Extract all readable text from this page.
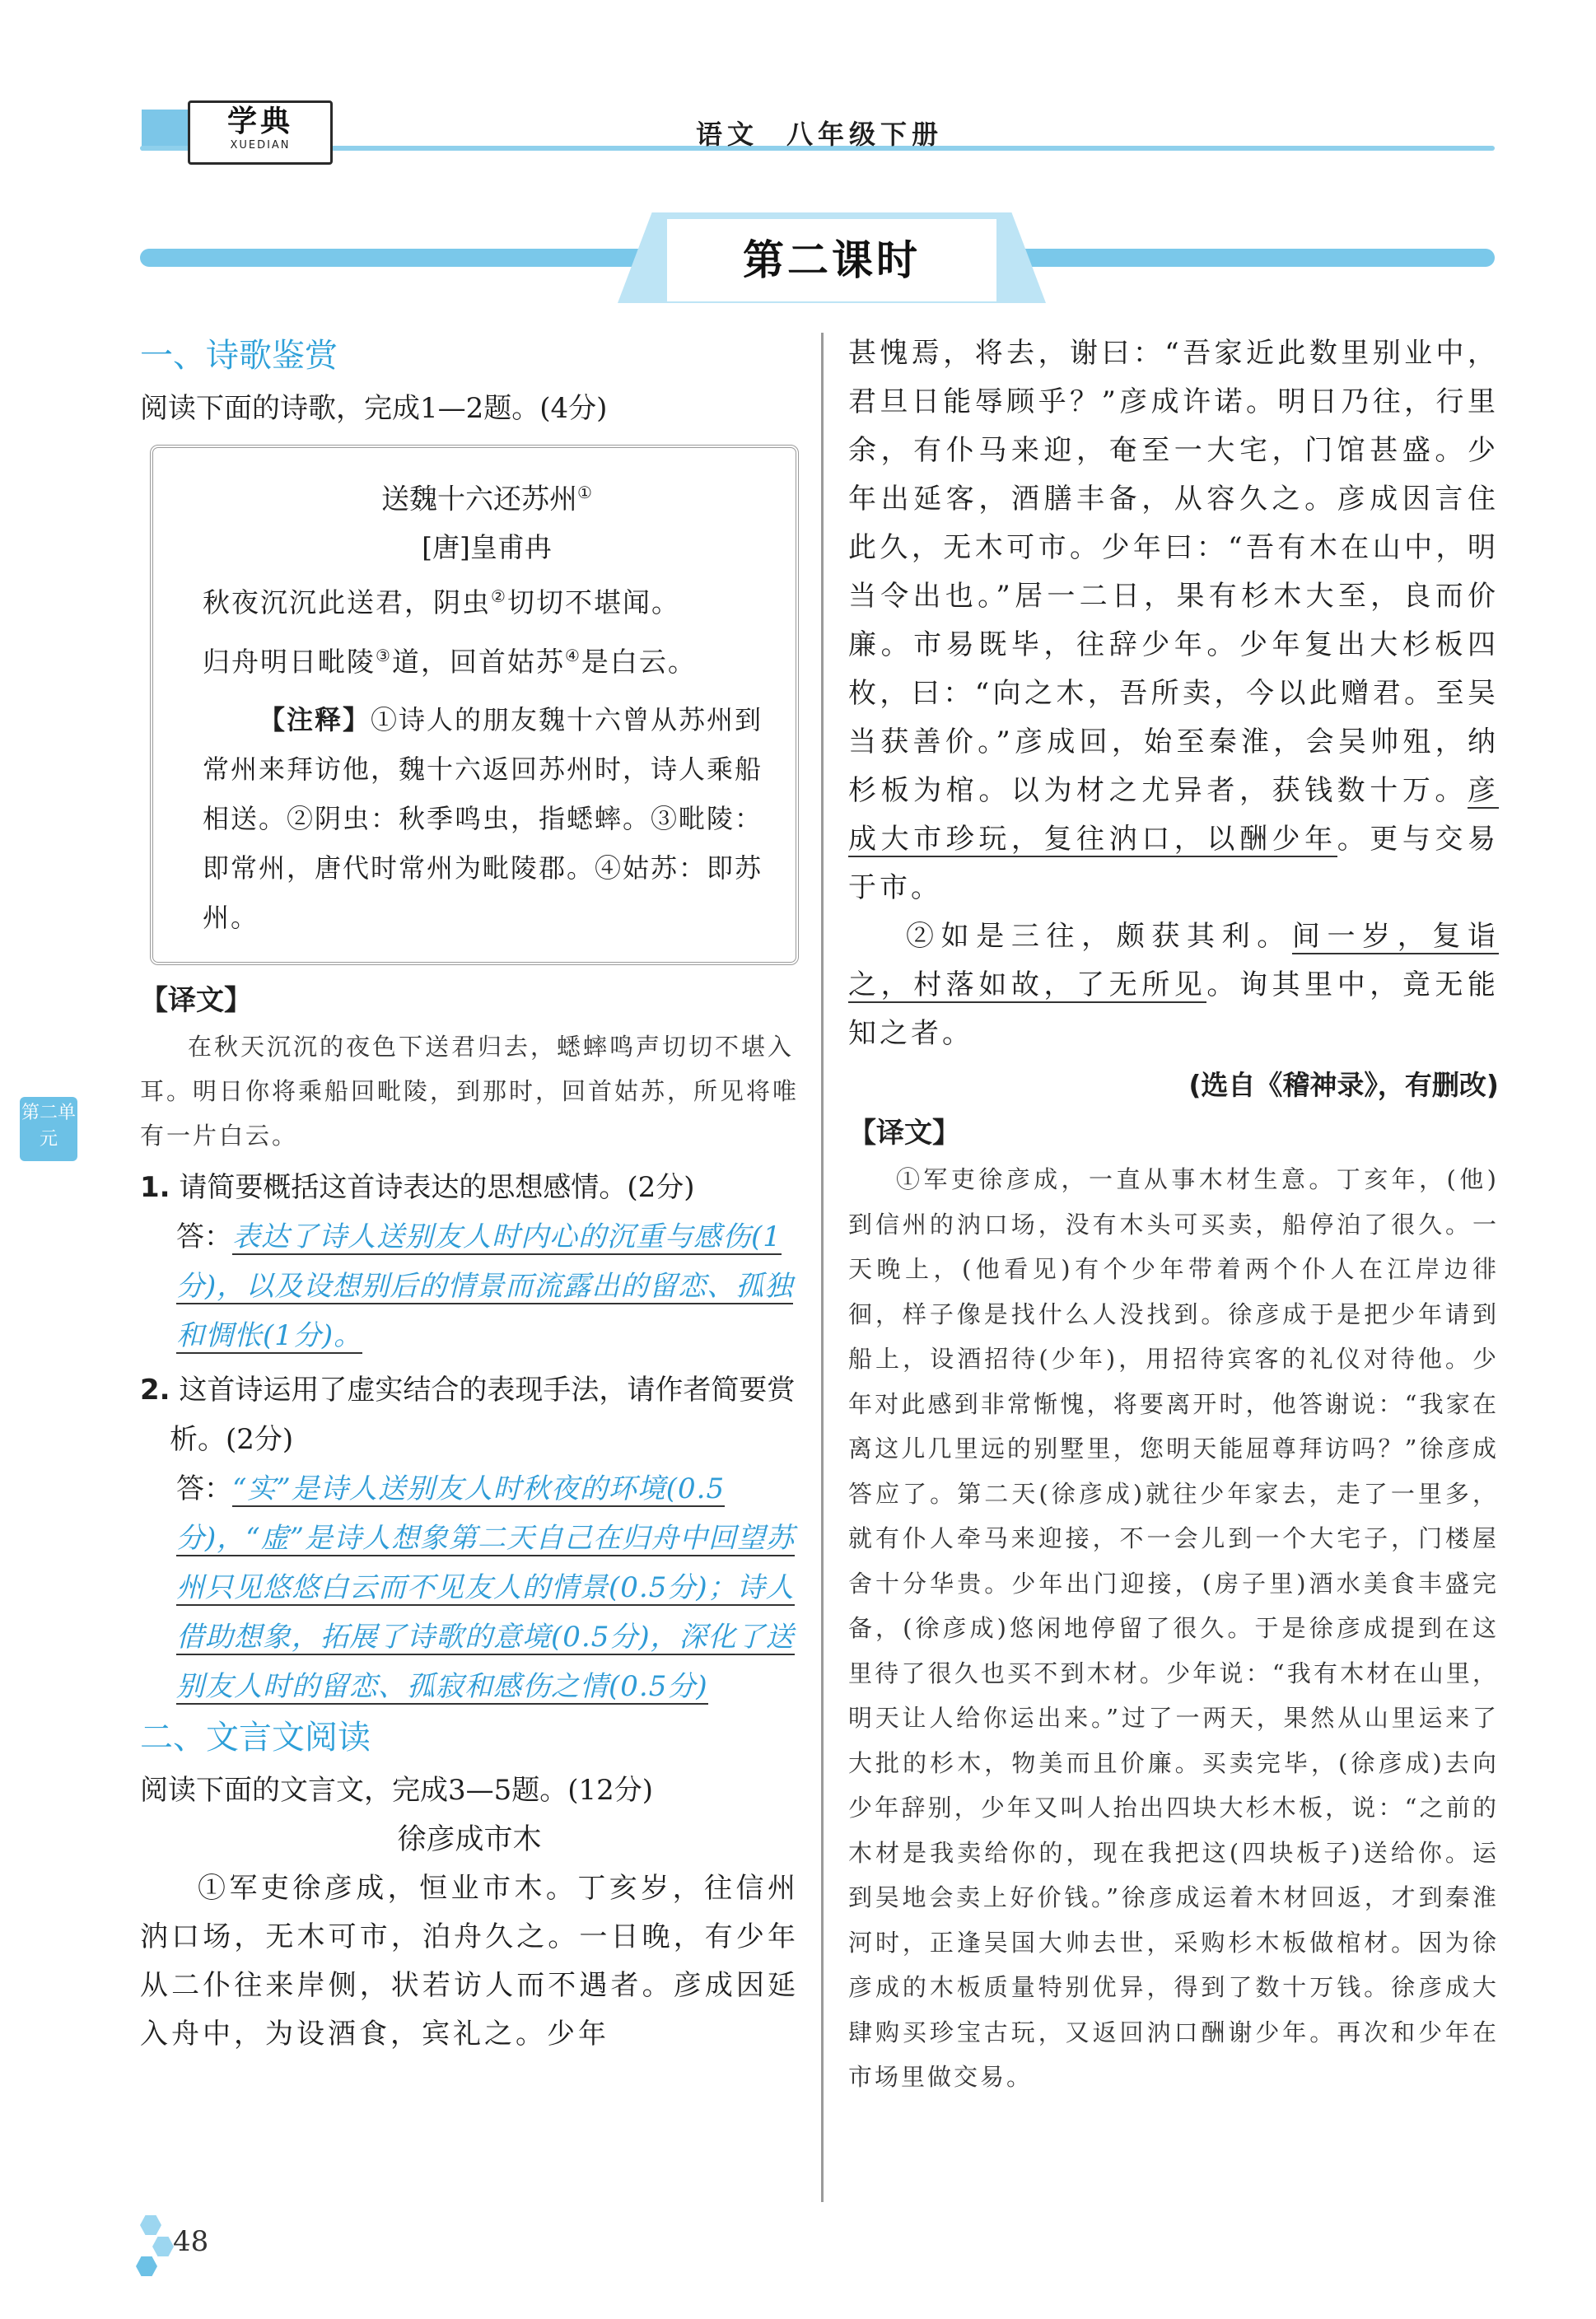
学典
XUEDIAN	语文 八年级下册
第二课时
第二单元
一、诗歌鉴赏

阅读下面的诗歌，完成1—2题。(4分)

送魏十六还苏州①
[唐]皇甫冉
秋夜沉沉此送君，阴虫②切切不堪闻。
归舟明日毗陵③道，回首姑苏④是白云。
【注释】①诗人的朋友魏十六曾从苏州到常州来拜访他，魏十六返回苏州时，诗人乘船相送。②阴虫：秋季鸣虫，指蟋蟀。③毗陵：即常州，唐代时常州为毗陵郡。④姑苏：即苏州。
【译文】

在秋天沉沉的夜色下送君归去，蟋蟀鸣声切切不堪入耳。明日你将乘船回毗陵，到那时，回首姑苏，所见将唯有一片白云。

1. 请简要概括这首诗表达的思想感情。(2分)

答：表达了诗人送别友人时内心的沉重与感伤(1分)，以及设想别后的情景而流露出的留恋、孤独和惆怅(1分)。

2. 这首诗运用了虚实结合的表现手法，请作者简要赏析。(2分)

答：“实”是诗人送别友人时秋夜的环境(0.5分)，“虚”是诗人想象第二天自己在归舟中回望苏州只见悠悠白云而不见友人的情景(0.5分)；诗人借助想象，拓展了诗歌的意境(0.5分)，深化了送别友人时的留恋、孤寂和感伤之情(0.5分)

二、文言文阅读

阅读下面的文言文，完成3—5题。(12分)

徐彦成市木

①军吏徐彦成，恒业市木。丁亥岁，往信州汭口场，无木可市，泊舟久之。一日晚，有少年从二仆往来岸侧，状若访人而不遇者。彦成因延入舟中，为设酒食，宾礼之。少年

甚愧焉，将去，谢曰：“吾家近此数里别业中，君旦日能辱顾乎？”彦成许诺。明日乃往，行里余，有仆马来迎，奄至一大宅，门馆甚盛。少年出延客，酒膳丰备，从容久之。彦成因言住此久，无木可市。少年曰：“吾有木在山中，明当令出也。”居一二日，果有杉木大至，良而价廉。市易既毕，往辞少年。少年复出大杉板四枚，曰：“向之木，吾所卖，今以此赠君。至吴当获善价。”彦成回，始至秦淮，会吴帅殂，纳杉板为棺。以为材之尤异者，获钱数十万。彦成大市珍玩，复往汭口，以酬少年。更与交易于市。

②如是三往，颇获其利。间一岁，复诣之，村落如故，了无所见。询其里中，竟无能知之者。

(选自《稽神录》，有删改)
【译文】

①军吏徐彦成，一直从事木材生意。丁亥年，(他)到信州的汭口场，没有木头可买卖，船停泊了很久。一天晚上，(他看见)有个少年带着两个仆人在江岸边徘徊，样子像是找什么人没找到。徐彦成于是把少年请到船上，设酒招待(少年)，用招待宾客的礼仪对待他。少年对此感到非常惭愧，将要离开时，他答谢说：“我家在离这儿几里远的别墅里，您明天能屈尊拜访吗？”徐彦成答应了。第二天(徐彦成)就往少年家去，走了一里多，就有仆人牵马来迎接，不一会儿到一个大宅子，门楼屋舍十分华贵。少年出门迎接，(房子里)酒水美食丰盛完备，(徐彦成)悠闲地停留了很久。于是徐彦成提到在这里待了很久也买不到木材。少年说：“我有木材在山里，明天让人给你运出来。”过了一两天，果然从山里运来了大批的杉木，物美而且价廉。买卖完毕，(徐彦成)去向少年辞别，少年又叫人抬出四块大杉木板，说：“之前的木材是我卖给你的，现在我把这(四块板子)送给你。运到吴地会卖上好价钱。”徐彦成运着木材回返，才到秦淮河时，正逢吴国大帅去世，采购杉木板做棺材。因为徐彦成的木板质量特别优异，得到了数十万钱。徐彦成大肆购买珍宝古玩，又返回汭口酬谢少年。再次和少年在市场里做交易。

48
